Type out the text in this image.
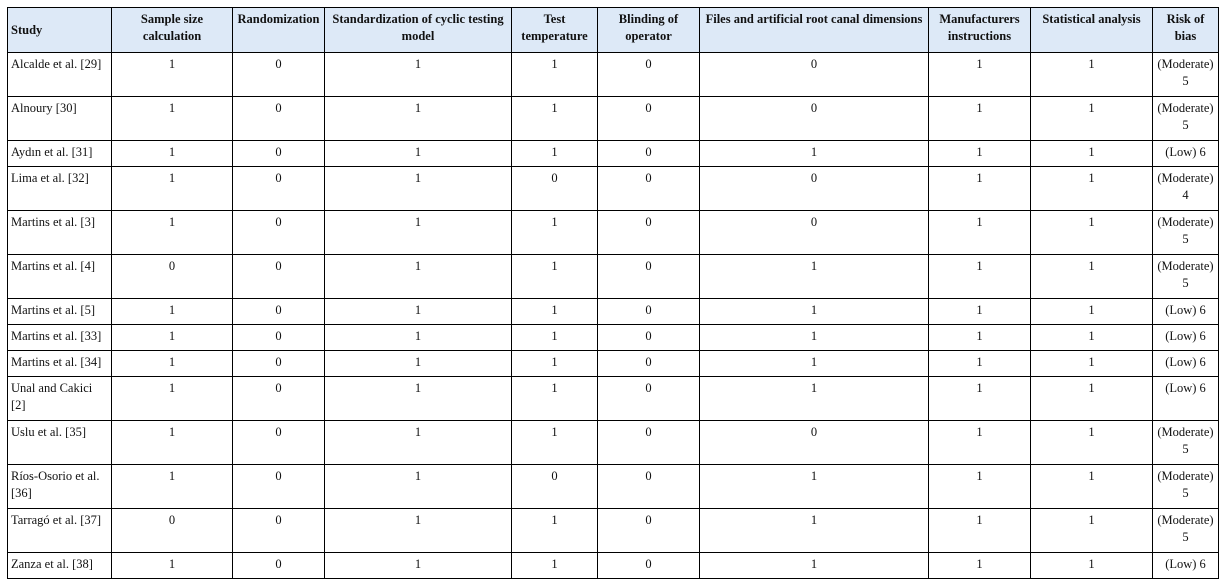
Study	Sample size calculation	Randomization	Standardization of cyclic testing model	Test temperature	Blinding of operator	Files and artificial root canal dimensions	Manufacturers instructions	Statistical analysis	Risk of bias
Alcalde et al. [29]	1	0	1	1	0	0	1	1	(Moderate) 5
Alnoury [30]	1	0	1	1	0	0	1	1	(Moderate) 5
Aydın et al. [31]	1	0	1	1	0	1	1	1	(Low) 6
Lima et al. [32]	1	0	1	0	0	0	1	1	(Moderate) 4
Martins et al. [3]	1	0	1	1	0	0	1	1	(Moderate) 5
Martins et al. [4]	0	0	1	1	0	1	1	1	(Moderate) 5
Martins et al. [5]	1	0	1	1	0	1	1	1	(Low) 6
Martins et al. [33]	1	0	1	1	0	1	1	1	(Low) 6
Martins et al. [34]	1	0	1	1	0	1	1	1	(Low) 6
Unal and Cakici [2]	1	0	1	1	0	1	1	1	(Low) 6
Uslu et al. [35]	1	0	1	1	0	0	1	1	(Moderate) 5
Ríos-Osorio et al. [36]	1	0	1	0	0	1	1	1	(Moderate) 5
Tarragó et al. [37]	0	0	1	1	0	1	1	1	(Moderate) 5
Zanza et al. [38]	1	0	1	1	0	1	1	1	(Low) 6
